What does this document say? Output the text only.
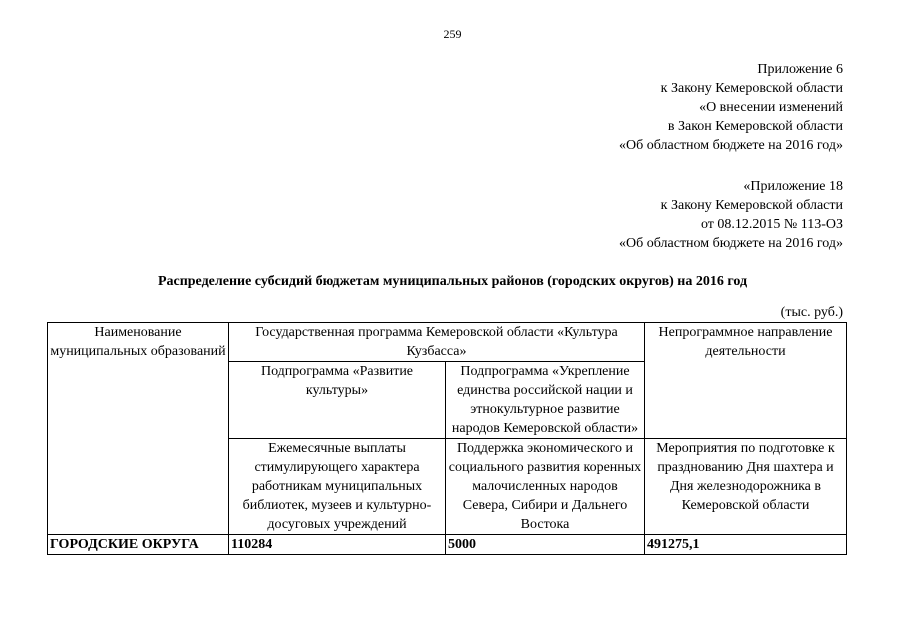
259
Приложение 6
к Закону Кемеровской области
«О внесении изменений
в Закон Кемеровской области
«Об областном бюджете на 2016 год»
«Приложение 18
к Закону Кемеровской области
от 08.12.2015 № 113-ОЗ
«Об областном бюджете на 2016 год»
Распределение субсидий бюджетам муниципальных районов (городских округов) на 2016 год
(тыс. руб.)
Наименование муниципальных образований	Государственная программа Кемеровской области «Культура Кузбасса»		Непрограммное направление деятельности
	Подпрограмма «Развитие культуры»	Подпрограмма «Укрепление единства российской нации и этнокультурное развитие народов Кемеровской области»	
	Ежемесячные выплаты стимулирующего характера работникам муниципальных библиотек, музеев и культурно-досуговых учреждений	Поддержка экономического и социального развития коренных малочисленных народов Севера, Сибири и Дальнего Востока	Мероприятия по подготовке к празднованию Дня шахтера и Дня железнодорожника в Кемеровской области
ГОРОДСКИЕ ОКРУГА	110284	5000	491275,1
